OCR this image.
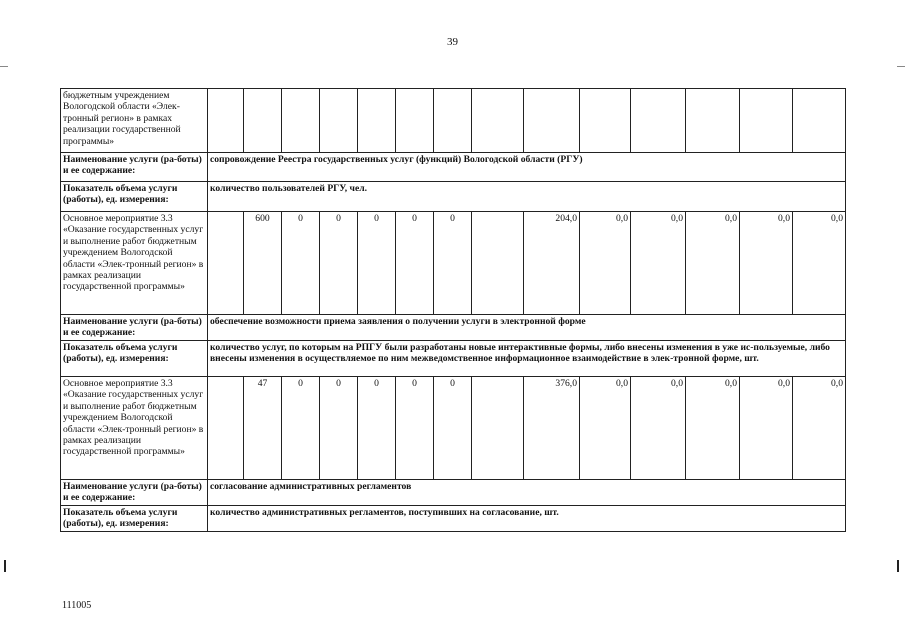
39
бюджетным учреждением Вологодской области «Элек-тронный регион» в рамках реализации государственной программы»														
Наименование услуги (ра-боты) и ее содержание:	сопровождение Реестра государственных услуг (функций) Вологодской области (РГУ)													
Показатель объема услуги (работы), ед. измерения:	количество пользователей РГУ, чел.													
Основное мероприятие 3.3 «Оказание государственных услуг и выполнение работ бюджетным учреждением Вологодской области «Элек-тронный регион» в рамках реализации государственной программы»		600	0	0	0	0	0		204,0	0,0	0,0	0,0	0,0	0,0
Наименование услуги (ра-боты) и ее содержание:	обеспечение возможности приема заявления о получении услуги в электронной форме													
Показатель объема услуги (работы), ед. измерения:	количество услуг, по которым на РПГУ были разработаны новые интерактивные формы, либо внесены изменения в уже ис-пользуемые, либо внесены изменения в осуществляемое по ним межведомственное информационное взаимодействие в элек-тронной форме, шт.													
Основное мероприятие 3.3 «Оказание государственных услуг и выполнение работ бюджетным учреждением Вологодской области «Элек-тронный регион» в рамках реализации государственной программы»		47	0	0	0	0	0		376,0	0,0	0,0	0,0	0,0	0,0
Наименование услуги (ра-боты) и ее содержание:	согласование административных регламентов													
Показатель объема услуги (работы), ед. измерения:	количество административных регламентов, поступивших на согласование, шт.													
111005
